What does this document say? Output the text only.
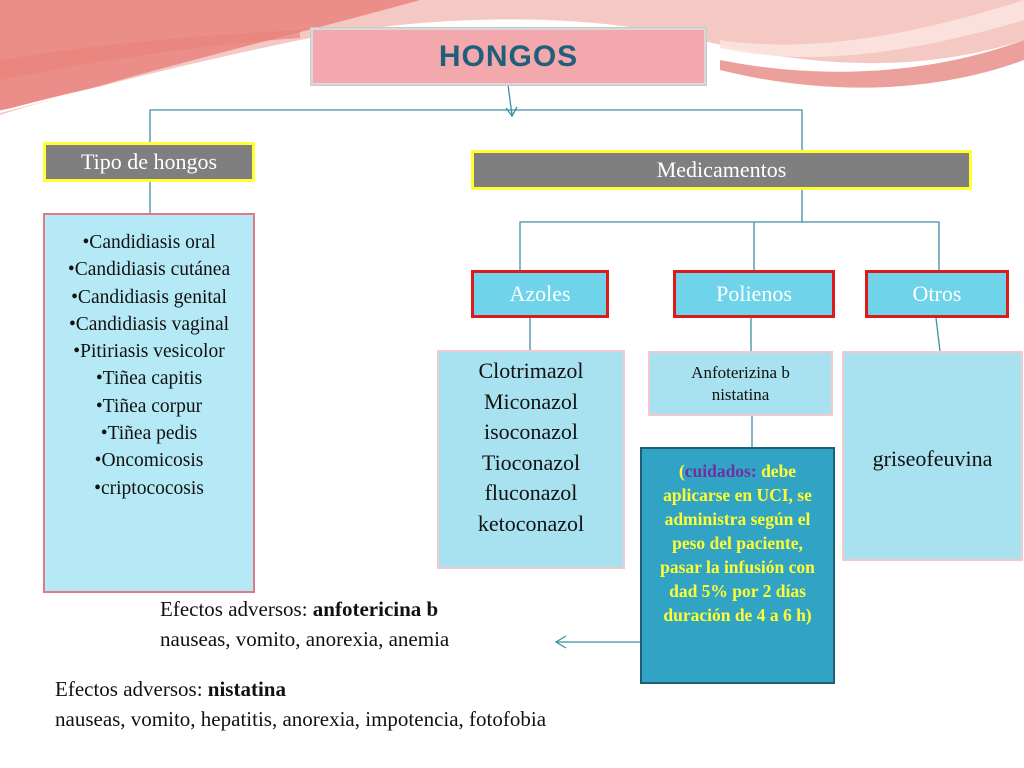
HONGOS
Tipo de hongos	Medicamentos
•Candidiasis oral
•Candidiasis cutánea
•Candidiasis genital
•Candidiasis vaginal
•Pitiriasis vesicolor
•Tiñea capitis
•Tiñea corpur
•Tiñea pedis
•Oncomicosis
•criptococosis
Azoles	Polienos	Otros
Clotrimazol
Miconazol
isoconazol
Tioconazol
fluconazol
ketoconazol
Anfoterizina b
nistatina
griseofeuvina
(cuidados: debe aplicarse en UCI, se administra según el peso del paciente, pasar la infusión con dad 5% por 2 días duración de 4 a 6 h)
Efectos adversos: anfotericina b
nauseas, vomito, anorexia, anemia
Efectos adversos: nistatina
nauseas, vomito, hepatitis, anorexia, impotencia, fotofobia
